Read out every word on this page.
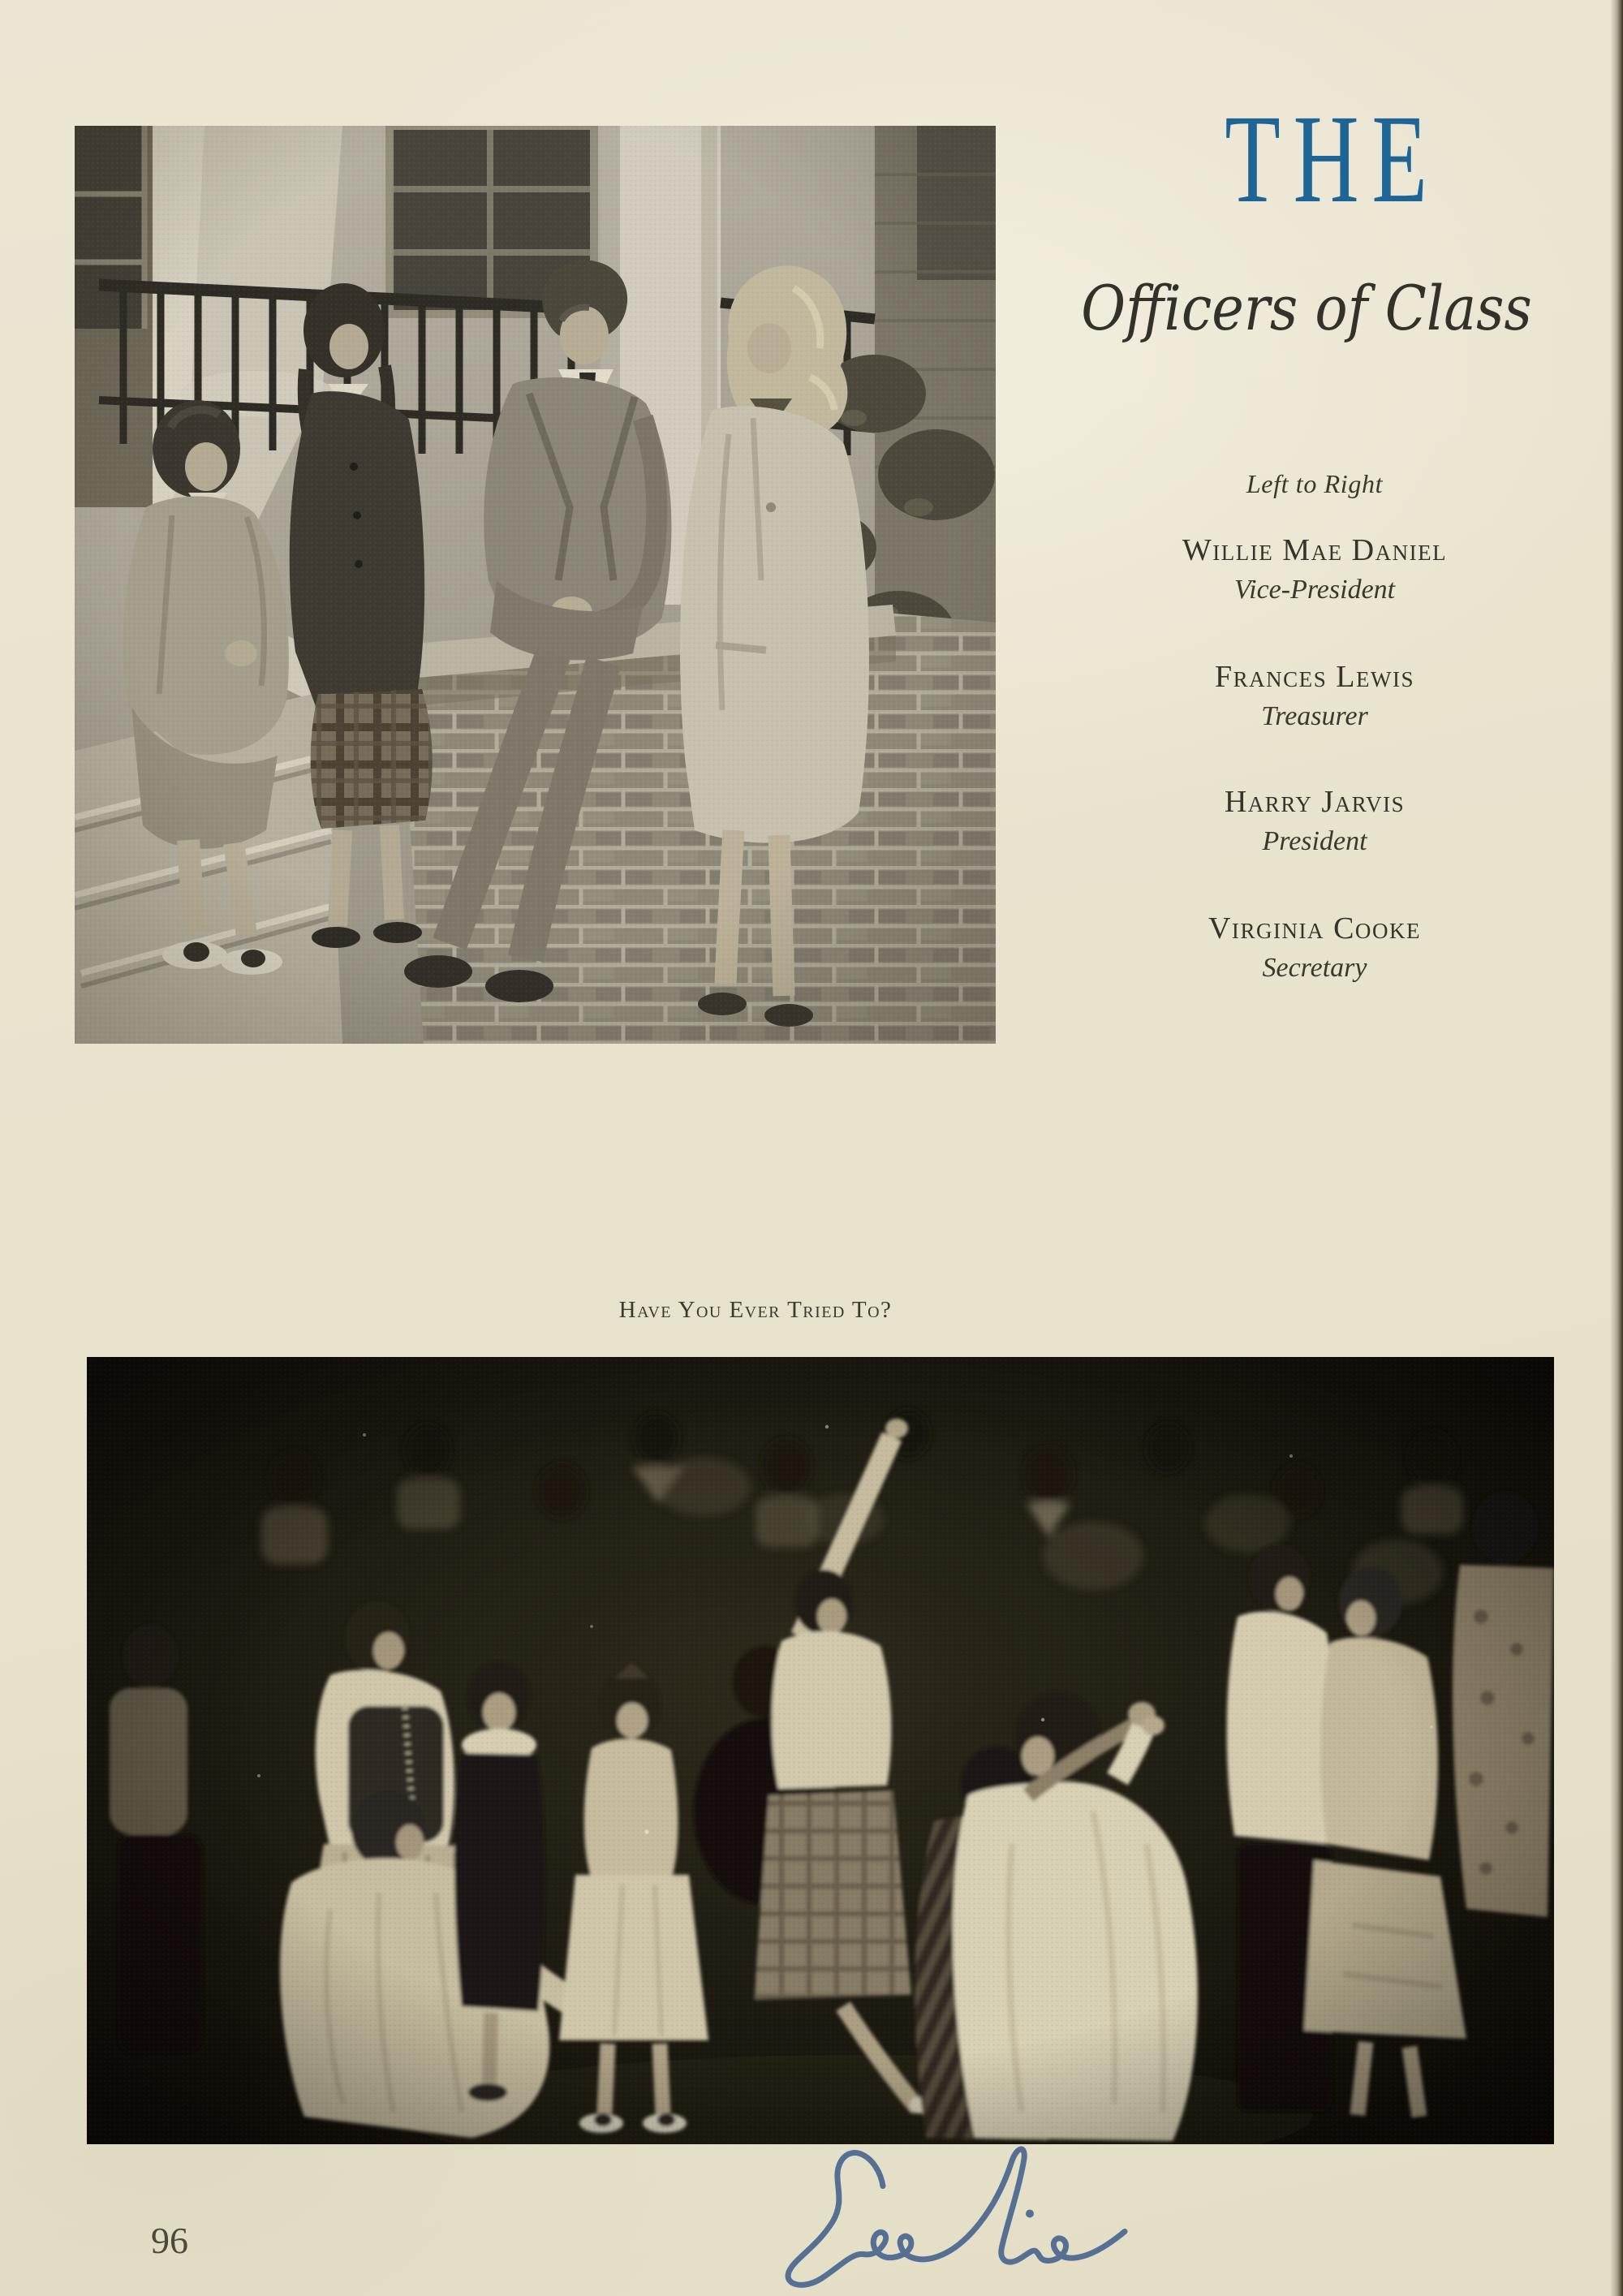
THE
Officers of Class
Left to Right
Willie Mae Daniel
Vice-President
Frances Lewis
Treasurer
Harry Jarvis
President
Virginia Cooke
Secretary
Have You Ever Tried To?
96
